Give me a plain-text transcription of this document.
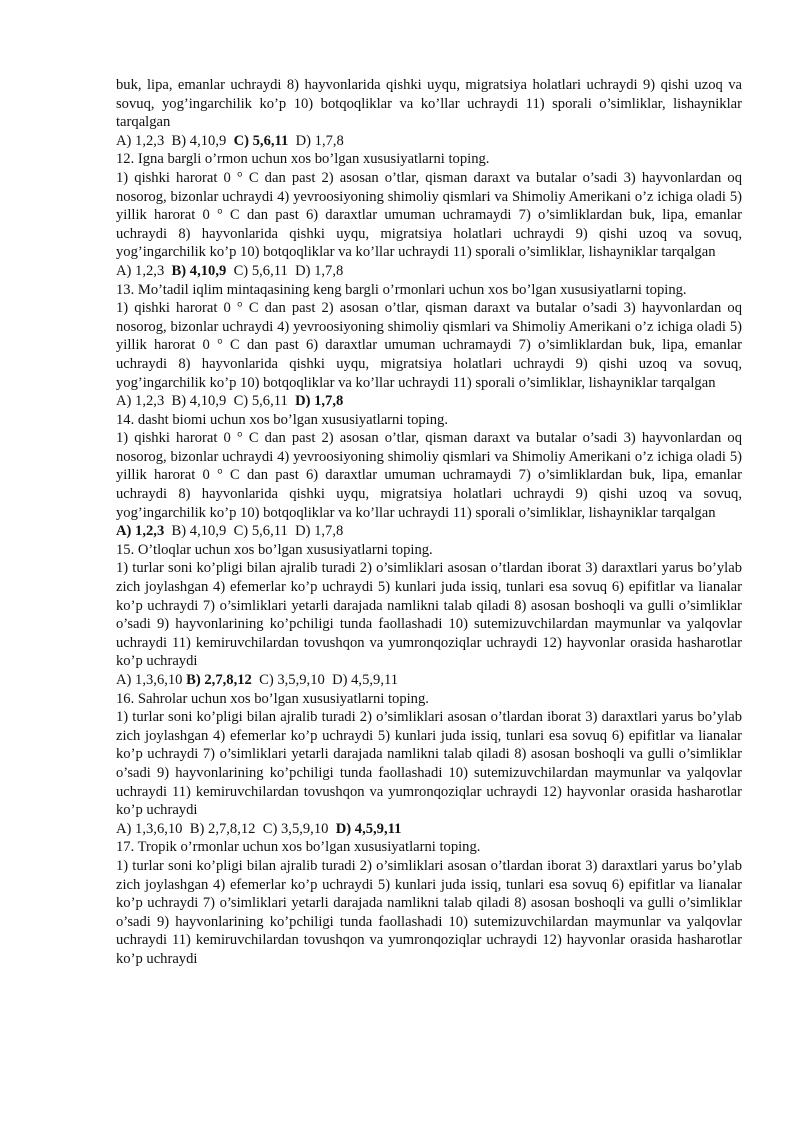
buk, lipa, emanlar uchraydi 8) hayvonlarida qishki uyqu, migratsiya holatlari uchraydi 9) qishi uzoq va sovuq, yog’ingarchilik ko’p 10) botqoqliklar va ko’llar uchraydi 11) sporali o’simliklar, lishayniklar tarqalgan

A) 1,2,3 B) 4,10,9 C) 5,6,11 D) 1,7,8

12. Igna bargli o’rmon uchun xos bo’lgan xususiyatlarni toping.

1) qishki harorat 0 ° C dan past 2) asosan o’tlar, qisman daraxt va butalar o’sadi 3) hayvonlardan oq nosorog, bizonlar uchraydi 4) yevroosiyoning shimoliy qismlari va Shimoliy Amerikani o’z ichiga oladi 5) yillik harorat 0 ° C dan past 6) daraxtlar umuman uchramaydi 7) o’simliklardan buk, lipa, emanlar uchraydi 8) hayvonlarida qishki uyqu, migratsiya holatlari uchraydi 9) qishi uzoq va sovuq, yog’ingarchilik ko’p 10) botqoqliklar va ko’llar uchraydi 11) sporali o’simliklar, lishayniklar tarqalgan

A) 1,2,3 B) 4,10,9 C) 5,6,11 D) 1,7,8

13. Mo’tadil iqlim mintaqasining keng bargli o’rmonlari uchun xos bo’lgan xususiyatlarni toping.

1) qishki harorat 0 ° C dan past 2) asosan o’tlar, qisman daraxt va butalar o’sadi 3) hayvonlardan oq nosorog, bizonlar uchraydi 4) yevroosiyoning shimoliy qismlari va Shimoliy Amerikani o’z ichiga oladi 5) yillik harorat 0 ° C dan past 6) daraxtlar umuman uchramaydi 7) o’simliklardan buk, lipa, emanlar uchraydi 8) hayvonlarida qishki uyqu, migratsiya holatlari uchraydi 9) qishi uzoq va sovuq, yog’ingarchilik ko’p 10) botqoqliklar va ko’llar uchraydi 11) sporali o’simliklar, lishayniklar tarqalgan

A) 1,2,3 B) 4,10,9 C) 5,6,11 D) 1,7,8

14. dasht biomi uchun xos bo’lgan xususiyatlarni toping.

1) qishki harorat 0 ° C dan past 2) asosan o’tlar, qisman daraxt va butalar o’sadi 3) hayvonlardan oq nosorog, bizonlar uchraydi 4) yevroosiyoning shimoliy qismlari va Shimoliy Amerikani o’z ichiga oladi 5) yillik harorat 0 ° C dan past 6) daraxtlar umuman uchramaydi 7) o’simliklardan buk, lipa, emanlar uchraydi 8) hayvonlarida qishki uyqu, migratsiya holatlari uchraydi 9) qishi uzoq va sovuq, yog’ingarchilik ko’p 10) botqoqliklar va ko’llar uchraydi 11) sporali o’simliklar, lishayniklar tarqalgan

A) 1,2,3 B) 4,10,9 C) 5,6,11 D) 1,7,8

15. O’tloqlar uchun xos bo’lgan xususiyatlarni toping.

1) turlar soni ko’pligi bilan ajralib turadi 2) o’simliklari asosan o’tlardan iborat 3) daraxtlari yarus bo’ylab zich joylashgan 4) efemerlar ko’p uchraydi 5) kunlari juda issiq, tunlari esa sovuq 6) epifitlar va lianalar ko’p uchraydi 7) o’simliklari yetarli darajada namlikni talab qiladi 8) asosan boshoqli va gulli o’simliklar o’sadi 9) hayvonlarining ko’pchiligi tunda faollashadi 10) sutemizuvchilardan maymunlar va yalqovlar uchraydi 11) kemiruvchilardan tovushqon va yumronqoziqlar uchraydi 12) hayvonlar orasida hasharotlar ko’p uchraydi

A) 1,3,6,10 B) 2,7,8,12 C) 3,5,9,10 D) 4,5,9,11

16. Sahrolar uchun xos bo’lgan xususiyatlarni toping.

1) turlar soni ko’pligi bilan ajralib turadi 2) o’simliklari asosan o’tlardan iborat 3) daraxtlari yarus bo’ylab zich joylashgan 4) efemerlar ko’p uchraydi 5) kunlari juda issiq, tunlari esa sovuq 6) epifitlar va lianalar ko’p uchraydi 7) o’simliklari yetarli darajada namlikni talab qiladi 8) asosan boshoqli va gulli o’simliklar o’sadi 9) hayvonlarining ko’pchiligi tunda faollashadi 10) sutemizuvchilardan maymunlar va yalqovlar uchraydi 11) kemiruvchilardan tovushqon va yumronqoziqlar uchraydi 12) hayvonlar orasida hasharotlar ko’p uchraydi

A) 1,3,6,10 B) 2,7,8,12 C) 3,5,9,10 D) 4,5,9,11

17. Tropik o’rmonlar uchun xos bo’lgan xususiyatlarni toping.

1) turlar soni ko’pligi bilan ajralib turadi 2) o’simliklari asosan o’tlardan iborat 3) daraxtlari yarus bo’ylab zich joylashgan 4) efemerlar ko’p uchraydi 5) kunlari juda issiq, tunlari esa sovuq 6) epifitlar va lianalar ko’p uchraydi 7) o’simliklari yetarli darajada namlikni talab qiladi 8) asosan boshoqli va gulli o’simliklar o’sadi 9) hayvonlarining ko’pchiligi tunda faollashadi 10) sutemizuvchilardan maymunlar va yalqovlar uchraydi 11) kemiruvchilardan tovushqon va yumronqoziqlar uchraydi 12) hayvonlar orasida hasharotlar ko’p uchraydi
